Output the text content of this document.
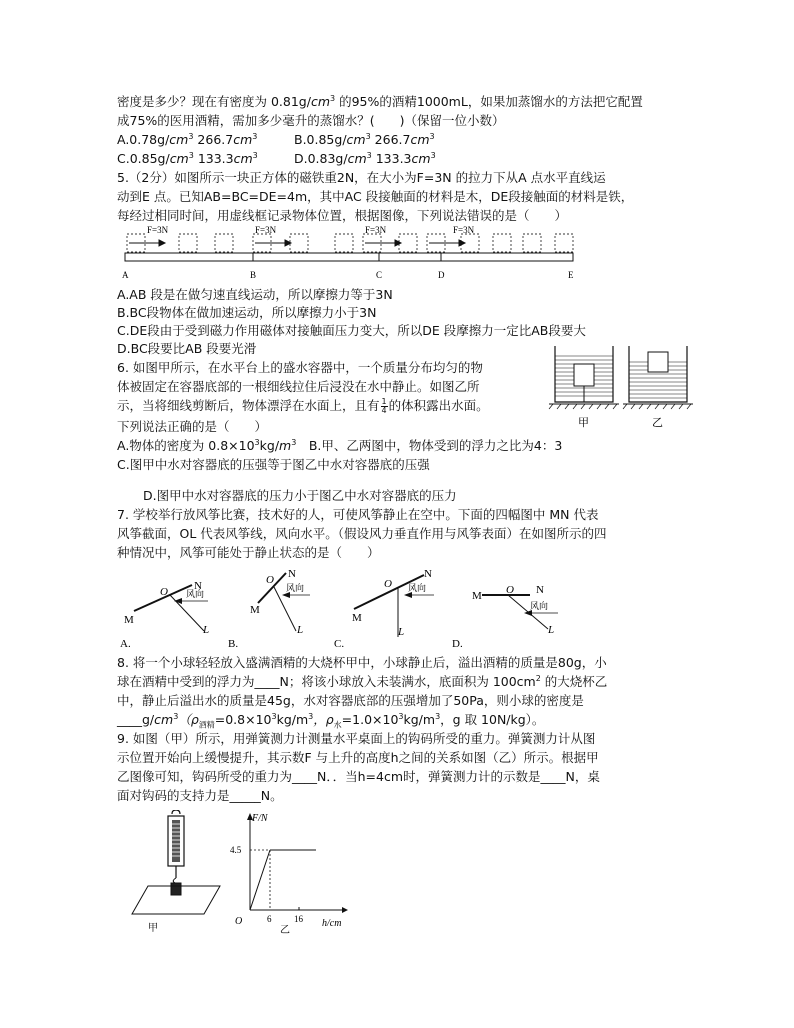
密度是多少？现在有密度为 $0.81g/cm^3$ 的95%的酒精1000mL，如果加蒸馏水的方法把它配置
成75%的医用酒精，需加多少毫升的蒸馏水？(　　)（保留一位小数）
$A.0.78g/cm^3$ $266.7cm^3$	$B.0.85g/cm^3$ $266.7cm^3$
$C.0.85g/cm^3$ $133.3cm^3$	$D.0.83g/cm^3$ $133.3cm^3$
5.（2分）如图所示一块正方体的磁铁重2N，在大小为F=3N 的拉力下从A 点水平直线运
动到E 点。已知AB=BC=DE=4m，其中AC 段接触面的材料是木，DE段接触面的材料是铁，
每经过相同时间，用虚线框记录物体位置，根据图像，下列说法错误的是（　　）
F=3N	F=3N	F=3N	F=3N
A	B	C	D	E
A.AB 段是在做匀速直线运动，所以摩擦力等于3N
B.BC段物体在做加速运动，所以摩擦力小于3N
C.DE段由于受到磁力作用磁体对接触面压力变大，所以DE 段摩擦力一定比AB段要大
D.BC段要比AB 段要光滑
6. 如图甲所示，在水平台上的盛水容器中，一个质量分布均匀的物
体被固定在容器底部的一根细线拉住后浸没在水中静止。如图乙所
示，当将细线剪断后，物体漂浮在水面上，且有 $\frac{1}{4}$ 的体积露出水面。
下列说法正确的是（　　）
A.物体的密度为 $0.8\times 10^3kg/m^3$　B.甲、乙两图中，物体受到的浮力之比为4：3
C.图甲中水对容器底的压强等于图乙中水对容器底的压强
D.图甲中水对容器底的压力小于图乙中水对容器底的压力
甲	乙
7. 学校举行放风筝比赛，技术好的人，可使风筝静止在空中。下面的四幅图中 MN 代表
风筝截面，OL 代表风筝线，风向水平。（假设风力垂直作用与风筝表面）在如图所示的四
种情况中，风筝可能处于静止状态的是（　　）
风向
M
O N
L
A.
风向
M
O N
L
B.
风向
M
O
N
L
C.
风向
M O N
L
D.
8. 将一个小球轻轻放入盛满酒精的大烧杯甲中，小球静止后，溢出酒精的质量是80g，小
球在酒精中受到的浮力为____N；将该小球放入未装满水，底面积为 $100cm^2$ 的大烧杯乙
中，静止后溢出水的质量是45g，水对容器底部的压强增加了50Pa，则小球的密度是
$\_\_\_\_g/cm^3(\rho_{酒精}=0.8\times 10^3kg/m^3$，$\rho_水=1.0\times 10^3kg/m^3$，g 取 10N/kg）。
9. 如图（甲）所示，用弹簧测力计测量水平桌面上的钩码所受的重力。弹簧测力计从图
示位置开始向上缓慢提升，其示数F 与上升的高度h之间的关系如图（乙）所示。根据甲
乙图像可知，钩码所受的重力为____N．．当h=4cm时，弹簧测力计的示数是____N，桌
面对钩码的支持力是_____N。
甲
F/N
h/cm
O
4.5
6	16
乙
